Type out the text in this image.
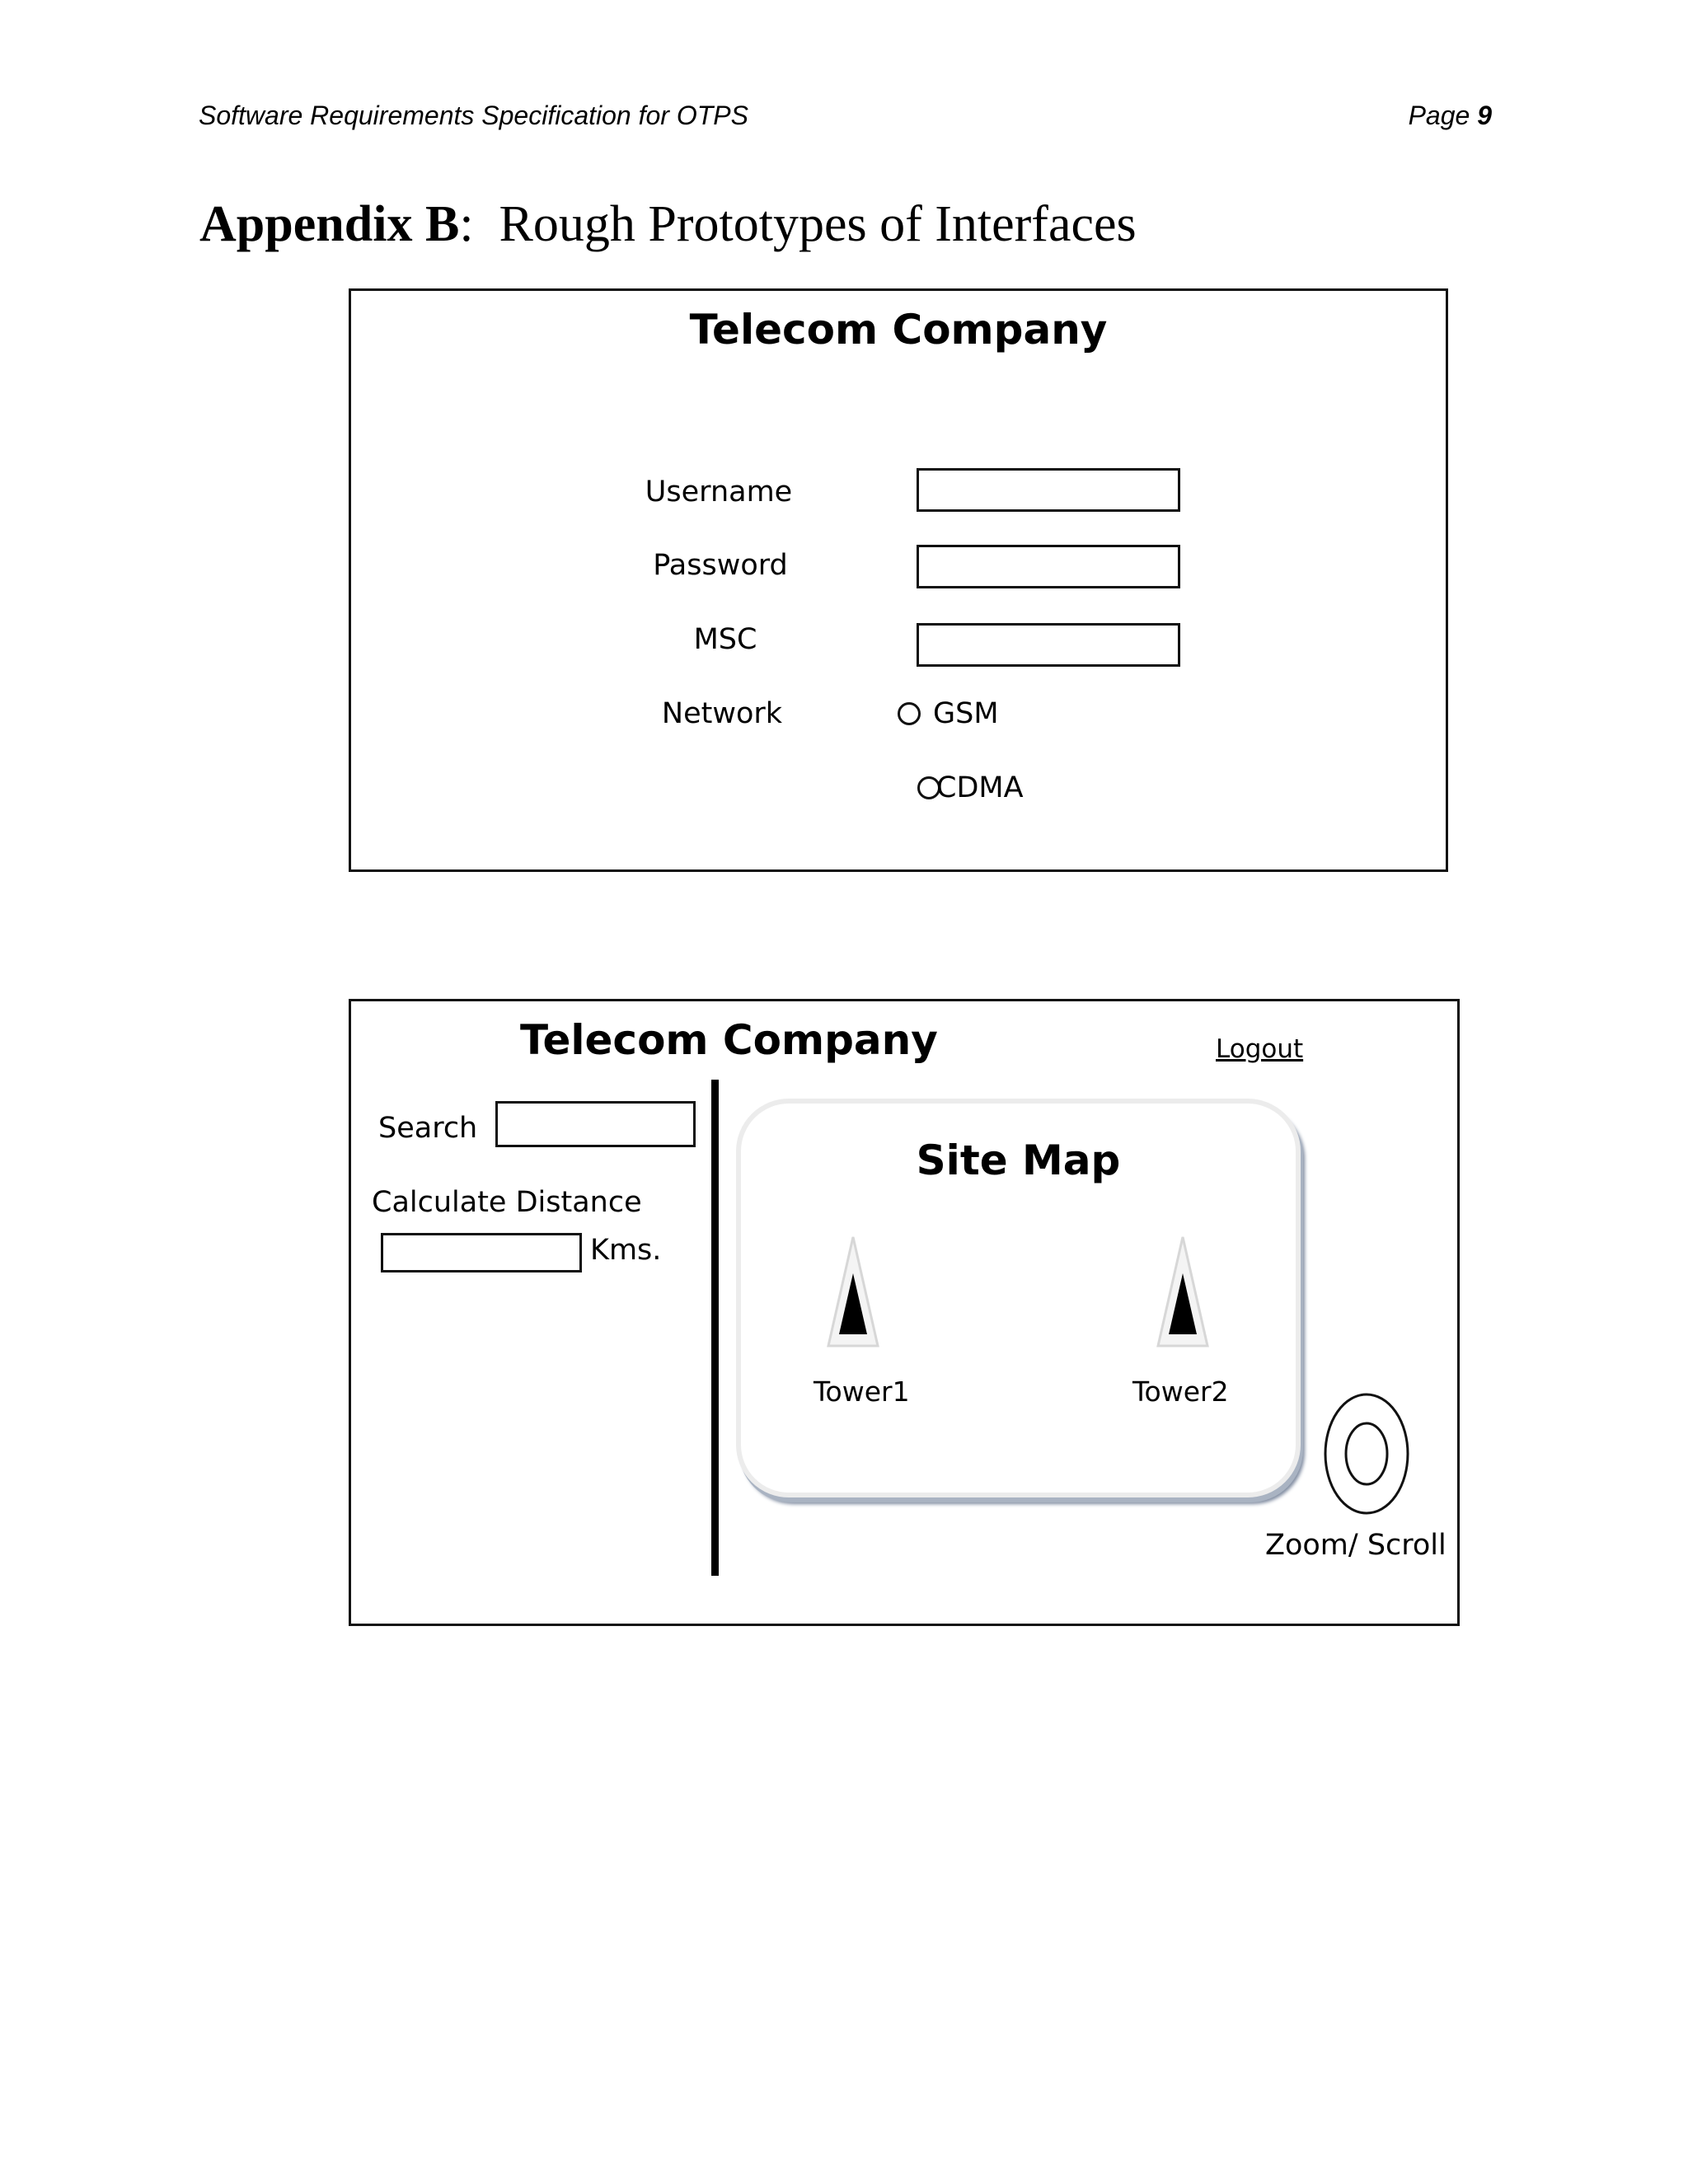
Software Requirements Specification for OTPS	Page 9
Appendix B: Rough Prototypes of Interfaces
Telecom Company
Username
Password
MSC
Network	GSM
CDMA
Telecom Company	Logout
Search
Calculate Distance
Kms.
Site Map
Tower1	Tower2
Zoom/ Scroll
